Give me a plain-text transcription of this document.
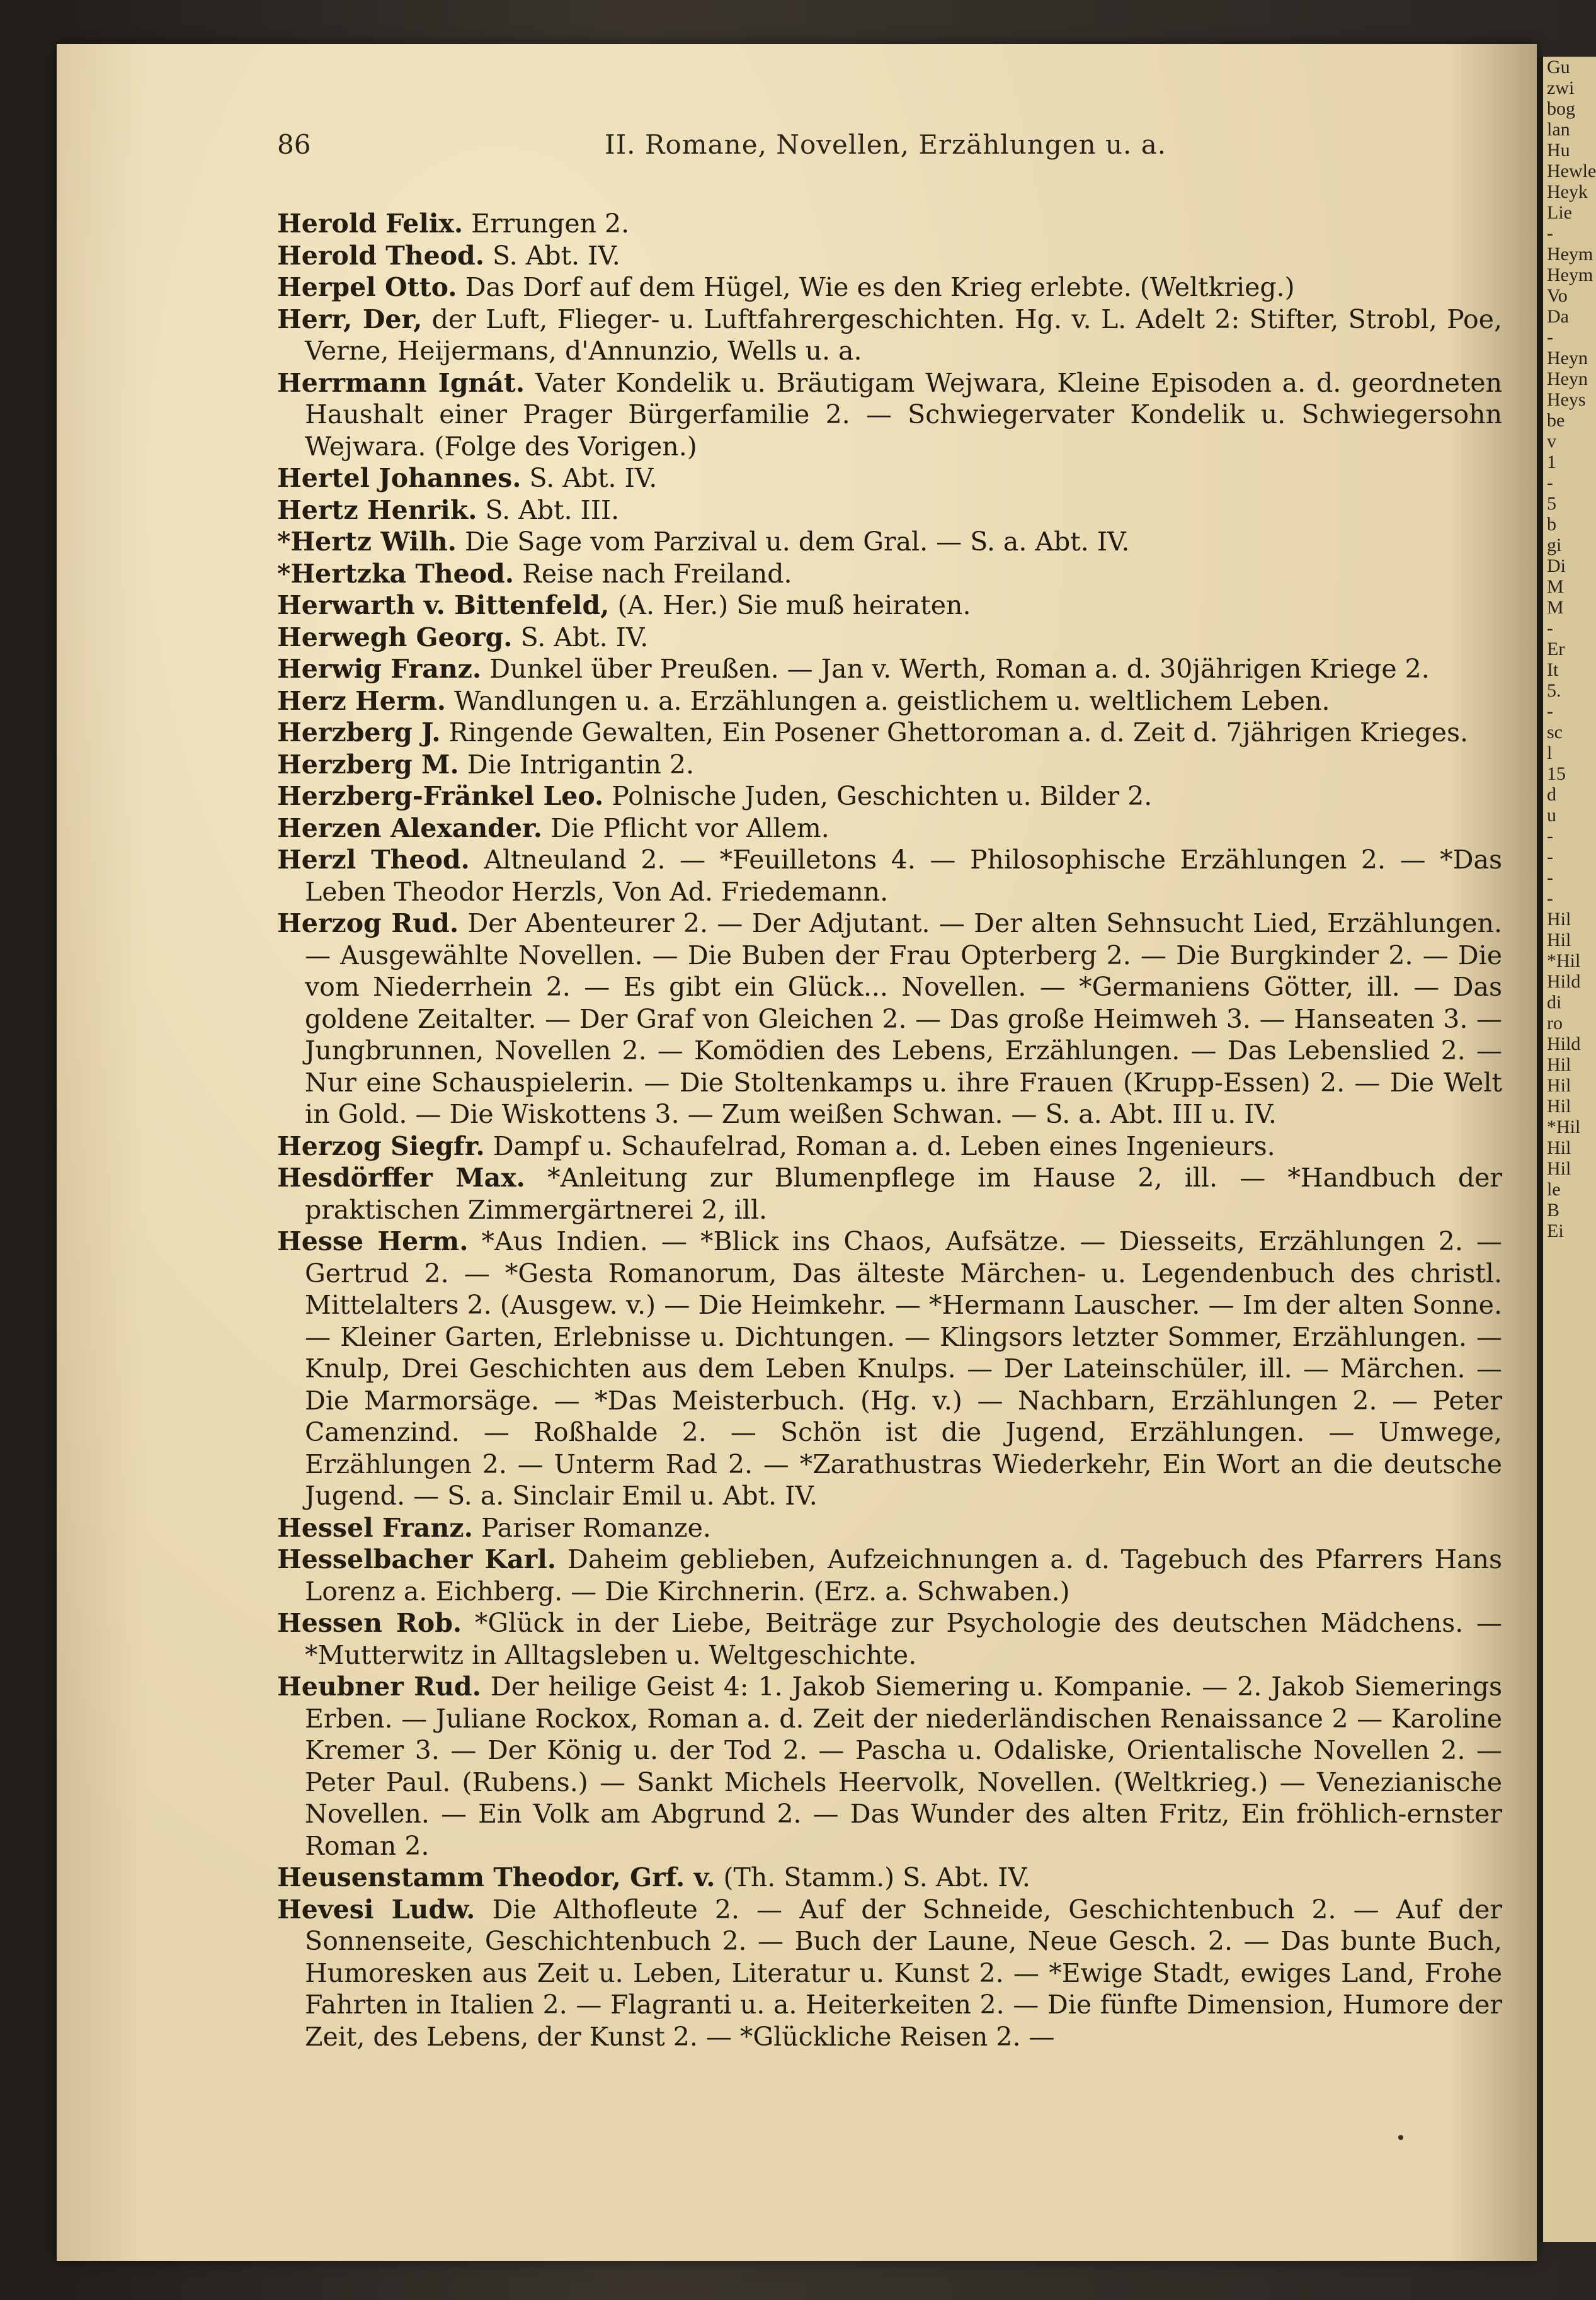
Gu
zwi
bog
lan
Hu
Hewle
Heyk
Lie
-
Heym
Heym
Vo
Da
-
Heyn
Heyn
Heys
be
v
1
-
5
b
gi
Di
M
M
-
Er
It
5.
-
sc
l
15
d
u
-
-
-
-
Hil
Hil
*Hil
Hild
di
ro
Hild
Hil
Hil
Hil
*Hil
Hil
Hil
le
B
Ei
86	II. Romane, Novellen, Erzählungen u. a.
Herold Felix. Errungen 2.
Herold Theod. S. Abt. IV.
Herpel Otto. Das Dorf auf dem Hügel, Wie es den Krieg erlebte. (Weltkrieg.)
Herr, Der, der Luft, Flieger- u. Luftfahrergeschichten. Hg. v. L. Adelt 2: Stifter, Strobl, Poe, Verne, Heijermans, d'Annunzio, Wells u. a.
Herrmann Ignát. Vater Kondelik u. Bräutigam Wejwara, Kleine Episoden a. d. geordneten Haushalt einer Prager Bürgerfamilie 2. — Schwiegervater Kondelik u. Schwiegersohn Wejwara. (Folge des Vorigen.)
Hertel Johannes. S. Abt. IV.
Hertz Henrik. S. Abt. III.
*Hertz Wilh. Die Sage vom Parzival u. dem Gral. — S. a. Abt. IV.
*Hertzka Theod. Reise nach Freiland.
Herwarth v. Bittenfeld, (A. Her.) Sie muß heiraten.
Herwegh Georg. S. Abt. IV.
Herwig Franz. Dunkel über Preußen. — Jan v. Werth, Roman a. d. 30jährigen Kriege 2.
Herz Herm. Wandlungen u. a. Erzählungen a. geistlichem u. weltlichem Leben.
Herzberg J. Ringende Gewalten, Ein Posener Ghettoroman a. d. Zeit d. 7jährigen Krieges.
Herzberg M. Die Intrigantin 2.
Herzberg-Fränkel Leo. Polnische Juden, Geschichten u. Bilder 2.
Herzen Alexander. Die Pflicht vor Allem.
Herzl Theod. Altneuland 2. — *Feuilletons 4. — Philosophische Erzählungen 2. — *Das Leben Theodor Herzls, Von Ad. Friedemann.
Herzog Rud. Der Abenteurer 2. — Der Adjutant. — Der alten Sehnsucht Lied, Erzählungen. — Ausgewählte Novellen. — Die Buben der Frau Opterberg 2. — Die Burgkinder 2. — Die vom Niederrhein 2. — Es gibt ein Glück... Novellen. — *Germaniens Götter, ill. — Das goldene Zeitalter. — Der Graf von Gleichen 2. — Das große Heimweh 3. — Hanseaten 3. — Jungbrunnen, Novellen 2. — Komödien des Lebens, Erzählungen. — Das Lebenslied 2. — Nur eine Schauspielerin. — Die Stoltenkamps u. ihre Frauen (Krupp-Essen) 2. — Die Welt in Gold. — Die Wiskottens 3. — Zum weißen Schwan. — S. a. Abt. III u. IV.
Herzog Siegfr. Dampf u. Schaufelrad, Roman a. d. Leben eines Ingenieurs.
Hesdörffer Max. *Anleitung zur Blumenpflege im Hause 2, ill. — *Handbuch der praktischen Zimmergärtnerei 2, ill.
Hesse Herm. *Aus Indien. — *Blick ins Chaos, Aufsätze. — Diesseits, Erzählungen 2. — Gertrud 2. — *Gesta Romanorum, Das älteste Märchen- u. Legendenbuch des christl. Mittelalters 2. (Ausgew. v.) — Die Heimkehr. — *Hermann Lauscher. — Im der alten Sonne. — Kleiner Garten, Erlebnisse u. Dichtungen. — Klingsors letzter Sommer, Erzählungen. — Knulp, Drei Geschichten aus dem Leben Knulps. — Der Lateinschüler, ill. — Märchen. — Die Marmorsäge. — *Das Meisterbuch. (Hg. v.) — Nachbarn, Erzählungen 2. — Peter Camenzind. — Roßhalde 2. — Schön ist die Jugend, Erzählungen. — Umwege, Erzählungen 2. — Unterm Rad 2. — *Zarathustras Wiederkehr, Ein Wort an die deutsche Jugend. — S. a. Sinclair Emil u. Abt. IV.
Hessel Franz. Pariser Romanze.
Hesselbacher Karl. Daheim geblieben, Aufzeichnungen a. d. Tagebuch des Pfarrers Hans Lorenz a. Eichberg. — Die Kirchnerin. (Erz. a. Schwaben.)
Hessen Rob. *Glück in der Liebe, Beiträge zur Psychologie des deutschen Mädchens. — *Mutterwitz in Alltagsleben u. Weltgeschichte.
Heubner Rud. Der heilige Geist 4: 1. Jakob Siemering u. Kompanie. — 2. Jakob Siemerings Erben. — Juliane Rockox, Roman a. d. Zeit der niederländischen Renaissance 2 — Karoline Kremer 3. — Der König u. der Tod 2. — Pascha u. Odaliske, Orientalische Novellen 2. — Peter Paul. (Rubens.) — Sankt Michels Heervolk, Novellen. (Weltkrieg.) — Venezianische Novellen. — Ein Volk am Abgrund 2. — Das Wunder des alten Fritz, Ein fröhlich-ernster Roman 2.
Heusenstamm Theodor, Grf. v. (Th. Stamm.) S. Abt. IV.
Hevesi Ludw. Die Althofleute 2. — Auf der Schneide, Geschichtenbuch 2. — Auf der Sonnenseite, Geschichtenbuch 2. — Buch der Laune, Neue Gesch. 2. — Das bunte Buch, Humoresken aus Zeit u. Leben, Literatur u. Kunst 2. — *Ewige Stadt, ewiges Land, Frohe Fahrten in Italien 2. — Flagranti u. a. Heiterkeiten 2. — Die fünfte Dimension, Humore der Zeit, des Lebens, der Kunst 2. — *Glückliche Reisen 2. —
